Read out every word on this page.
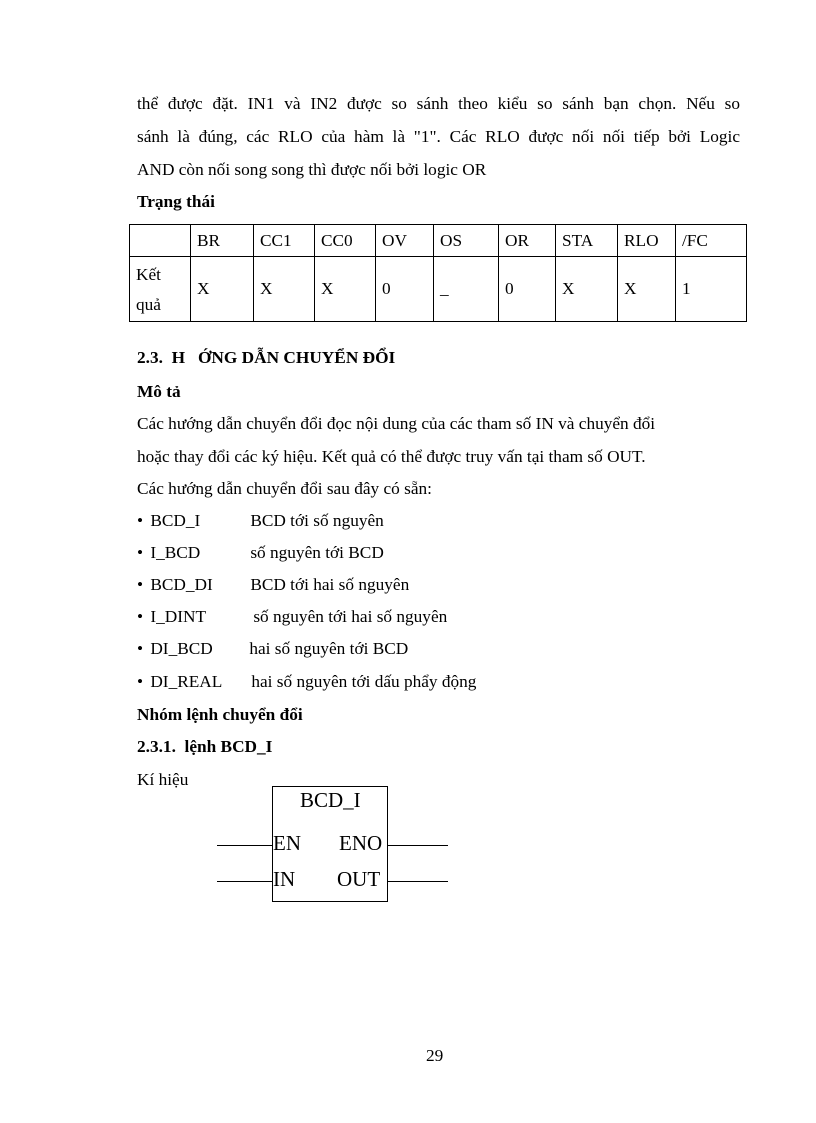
thể được đặt. IN1 và IN2 được so sánh theo kiểu so sánh bạn chọn. Nếu so
sánh là đúng, các RLO của hàm là "1". Các RLO được nối nối tiếp bởi Logic
AND còn nối song song thì được nối bởi logic OR
Trạng thái
	BR	CC1	CC0	OV	OS	OR	STA	RLO	/FC

Kết
quả	X	X	X	0	_	0	X	X	1
2.3.  H   ỚNG DẪN CHUYỂN ĐỔI
Mô tả
Các hướng dẫn chuyển đổi đọc nội dung của các tham số IN và chuyển đổi
hoặc thay đổi các ký hiệu. Kết quả có thể được truy vấn tại tham số OUT.
Các hướng dẫn chuyển đổi sau đây có sẵn:
• BCD_I	BCD tới số nguyên
• I_BCD	số nguyên tới BCD
• BCD_DI BCD tới hai số nguyên
• I_DINT	số nguyên tới hai số nguyên
• DI_BCD hai số nguyên tới BCD
• DI_REAL hai số nguyên tới dấu phẩy động
Nhóm lệnh chuyển đổi
2.3.1.  lệnh BCD_I
Kí hiệu
BCD_I
EN ENO
IN OUT
29
